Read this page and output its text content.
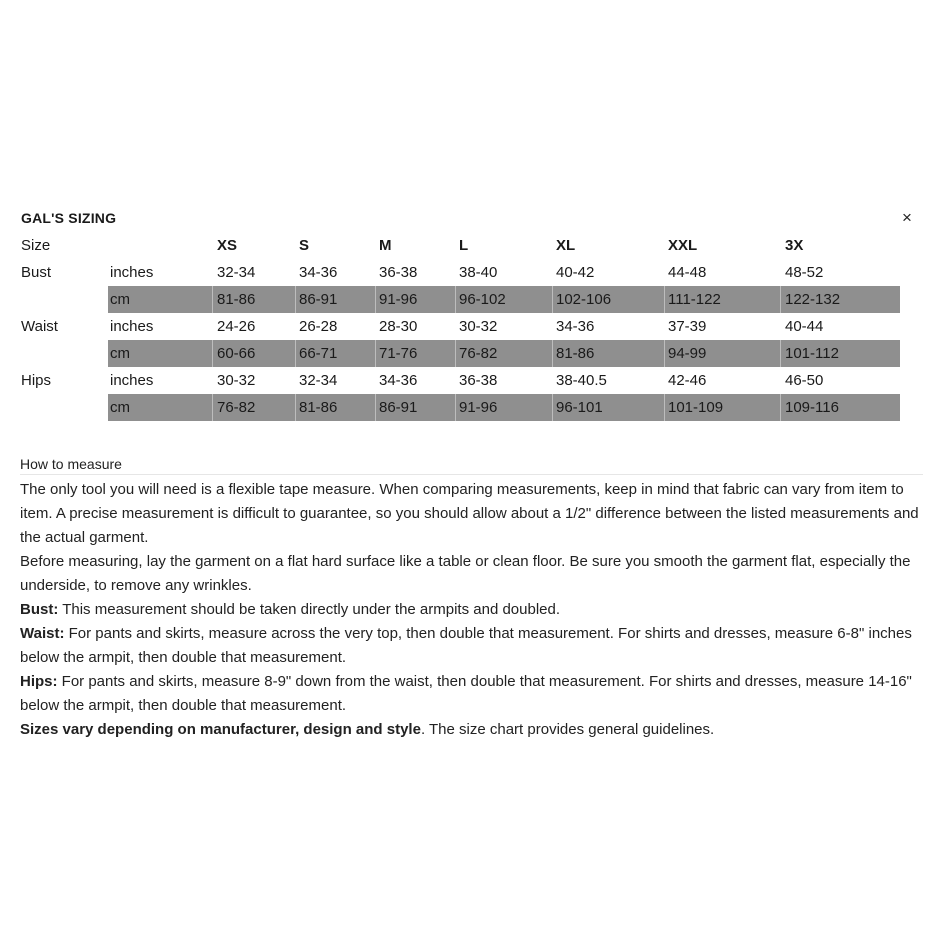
GAL'S SIZING	×
Size	XS	S	M	L	XL	XXL	3X
Bust	inches	32-34	34-36	36-38	38-40	40-42	44-48	48-52
cm	81-86	86-91	91-96	96-102	102-106	111-122	122-132
Waist	inches	24-26	26-28	28-30	30-32	34-36	37-39	40-44
cm	60-66	66-71	71-76	76-82	81-86	94-99	101-112
Hips	inches	30-32	32-34	34-36	36-38	38-40.5	42-46	46-50
cm	76-82	81-86	86-91	91-96	96-101	101-109	109-116
How to measure

The only tool you will need is a flexible tape measure. When comparing measurements, keep in mind that fabric can vary from item to item. A precise measurement is difficult to guarantee, so you should allow about a 1/2" difference between the listed measurements and the actual garment.

Before measuring, lay the garment on a flat hard surface like a table or clean floor. Be sure you smooth the garment flat, especially the underside, to remove any wrinkles.

Bust: This measurement should be taken directly under the armpits and doubled.

Waist: For pants and skirts, measure across the very top, then double that measurement. For shirts and dresses, measure 6-8" inches below the armpit, then double that measurement.

Hips: For pants and skirts, measure 8-9" down from the waist, then double that measurement. For shirts and dresses, measure 14-16" below the armpit, then double that measurement.

Sizes vary depending on manufacturer, design and style. The size chart provides general guidelines.
